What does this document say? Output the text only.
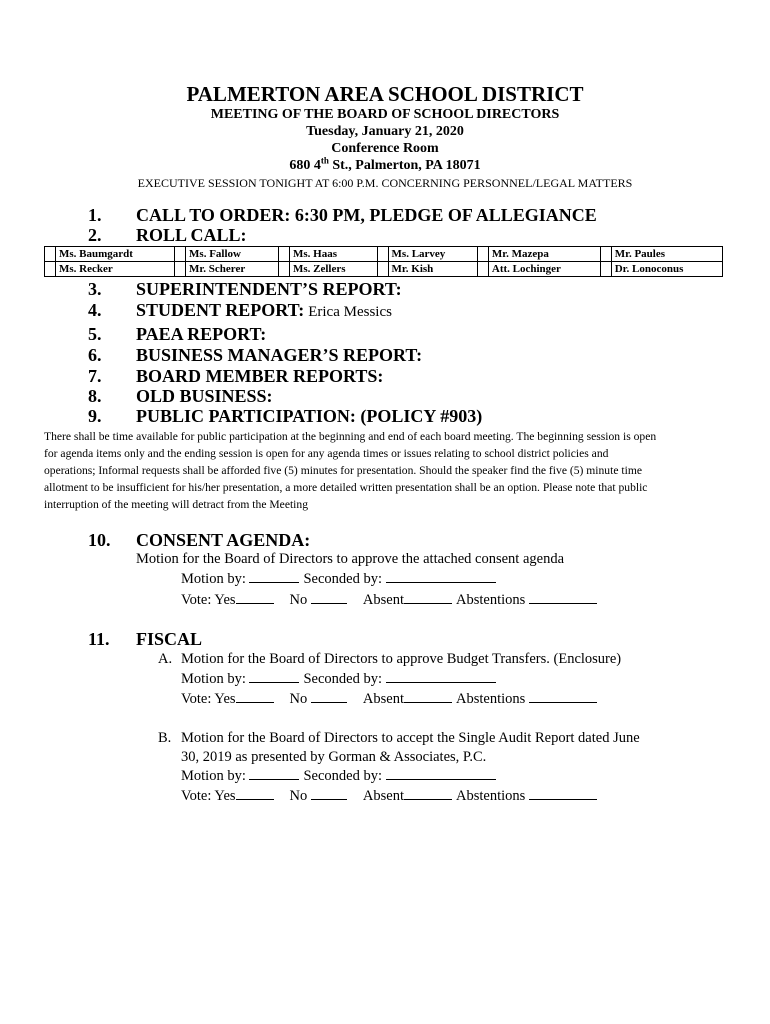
PALMERTON AREA SCHOOL DISTRICT
MEETING OF THE BOARD OF SCHOOL DIRECTORS
Tuesday, January 21, 2020
Conference Room
680 4th St., Palmerton, PA 18071
EXECUTIVE SESSION TONIGHT AT 6:00 P.M. CONCERNING PERSONNEL/LEGAL MATTERS
1. CALL TO ORDER: 6:30 PM, PLEDGE OF ALLEGIANCE
2. ROLL CALL:
	Ms. Baumgardt		Ms. Fallow		Ms. Haas		Ms. Larvey		Mr. Mazepa		Mr. Paules
	Ms. Recker		Mr. Scherer		Ms. Zellers		Mr. Kish		Att. Lochinger		Dr. Lonoconus
3. SUPERINTENDENT’S REPORT:
4. STUDENT REPORT: Erica Messics
5. PAEA REPORT:
6. BUSINESS MANAGER’S REPORT:
7. BOARD MEMBER REPORTS:
8. OLD BUSINESS:
9. PUBLIC PARTICIPATION: (POLICY #903)

There shall be time available for public participation at the beginning and end of each board meeting. The beginning session is open

for agenda items only and the ending session is open for any agenda times or issues relating to school district policies and

operations; Informal requests shall be afforded five (5) minutes for presentation. Should the speaker find the five (5) minute time

allotment to be insufficient for his/her presentation, a more detailed written presentation shall be an option. Please note that public

interruption of the meeting will detract from the Meeting

10. CONSENT AGENDA:
Motion for the Board of Directors to approve the attached consent agenda
Motion by:	Seconded by:
Vote: Yes	No	Absent	Abstentions
11. FISCAL
A. Motion for the Board of Directors to approve Budget Transfers. (Enclosure)
Motion by:	Seconded by:
Vote: Yes	No	Absent	Abstentions
B. Motion for the Board of Directors to accept the Single Audit Report dated June
30, 2019 as presented by Gorman & Associates, P.C.
Motion by:	Seconded by:
Vote: Yes	No	Absent	Abstentions
